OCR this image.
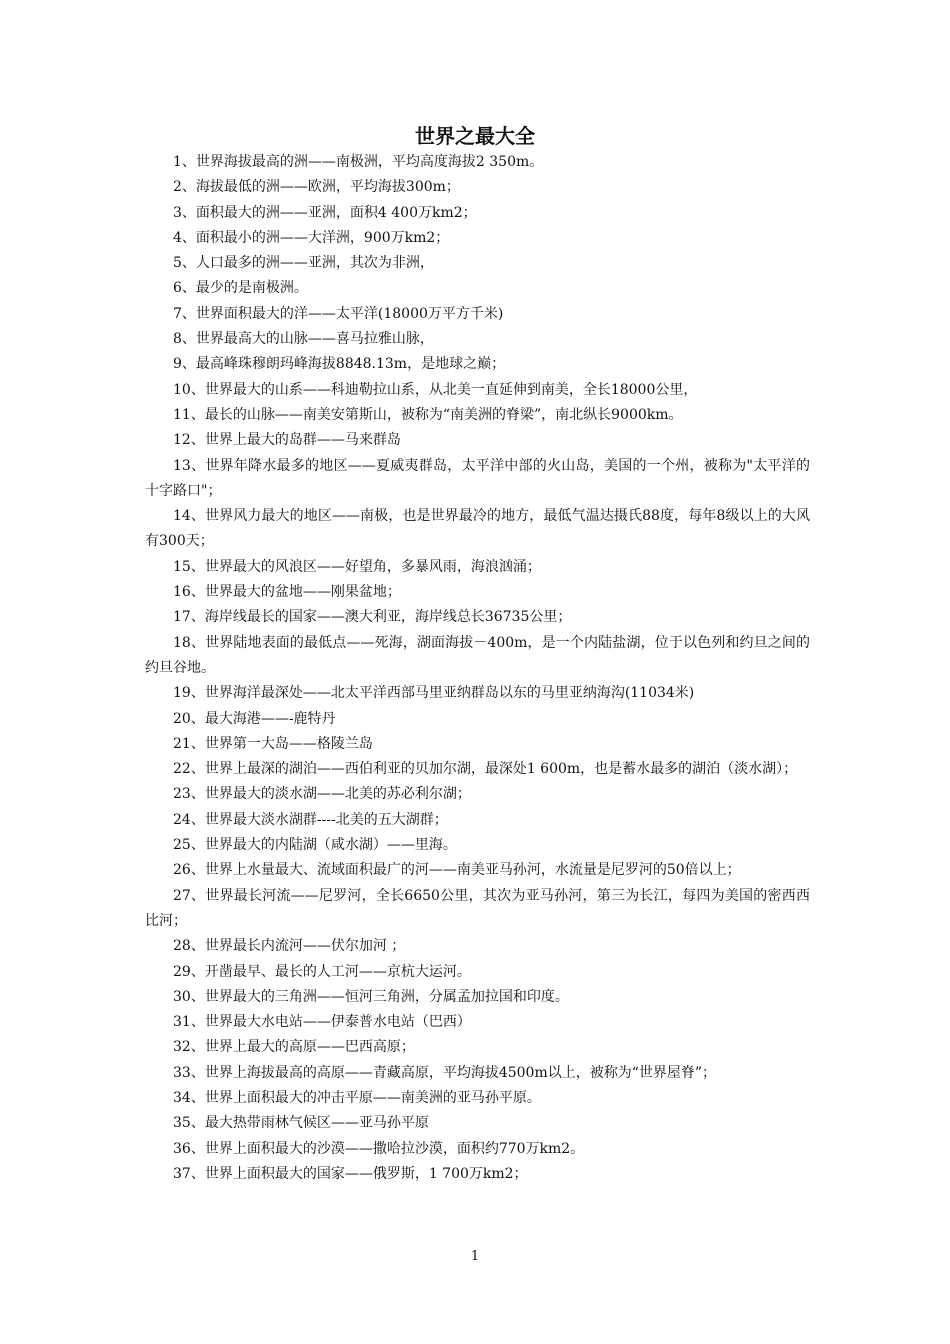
世界之最大全

1、世界海拔最高的洲——南极洲，平均高度海拔2 350m。

2、海拔最低的洲——欧洲，平均海拔300m；

3、面积最大的洲——亚洲，面积4 400万km2；

4、面积最小的洲——大洋洲，900万km2；

5、人口最多的洲——亚洲，其次为非洲，

6、最少的是南极洲。

7、世界面积最大的洋——太平洋(18000万平方千米)

8、世界最高大的山脉——喜马拉雅山脉，

9、最高峰珠穆朗玛峰海拔8848.13m，是地球之巅；

10、世界最大的山系——科迪勒拉山系，从北美一直延伸到南美，全长18000公里，

11、最长的山脉——南美安第斯山，被称为“南美洲的脊梁”，南北纵长9000km。

12、世界上最大的岛群——马来群岛

13、世界年降水最多的地区——夏威夷群岛，太平洋中部的火山岛，美国的一个州，被称为"太平洋的十字路口"；

14、世界风力最大的地区——南极，也是世界最冷的地方，最低气温达摄氏88度，每年8级以上的大风有300天；

15、世界最大的风浪区——好望角，多暴风雨，海浪汹涌；

16、世界最大的盆地——刚果盆地；

17、海岸线最长的国家——澳大利亚，海岸线总长36735公里；

18、世界陆地表面的最低点——死海，湖面海拔－400m，是一个内陆盐湖，位于以色列和约旦之间的约旦谷地。

19、世界海洋最深处——北太平洋西部马里亚纳群岛以东的马里亚纳海沟(11034米)

20、最大海港——-鹿特丹

21、世界第一大岛——格陵兰岛

22、世界上最深的湖泊——西伯利亚的贝加尔湖，最深处1 600m，也是蓄水最多的湖泊（淡水湖）；

23、世界最大的淡水湖——北美的苏必利尔湖；

24、世界最大淡水湖群----北美的五大湖群；

25、世界最大的内陆湖（咸水湖）——里海。

26、世界上水量最大、流域面积最广的河——南美亚马孙河，水流量是尼罗河的50倍以上；

27、世界最长河流——尼罗河，全长6650公里，其次为亚马孙河，第三为长江，每四为美国的密西西比河；

28、世界最长内流河——伏尔加河 ；

29、开凿最早、最长的人工河——京杭大运河。

30、世界最大的三角洲——恒河三角洲，分属孟加拉国和印度。

31、世界最大水电站——伊泰普水电站（巴西）

32、世界上最大的高原——巴西高原；

33、世界上海拔最高的高原——青藏高原，平均海拔4500m以上，被称为“世界屋脊”；

34、世界上面积最大的冲击平原——南美洲的亚马孙平原。

35、最大热带雨林气候区——亚马孙平原

36、世界上面积最大的沙漠——撒哈拉沙漠，面积约770万km2。

37、世界上面积最大的国家——俄罗斯，1 700万km2；

1
